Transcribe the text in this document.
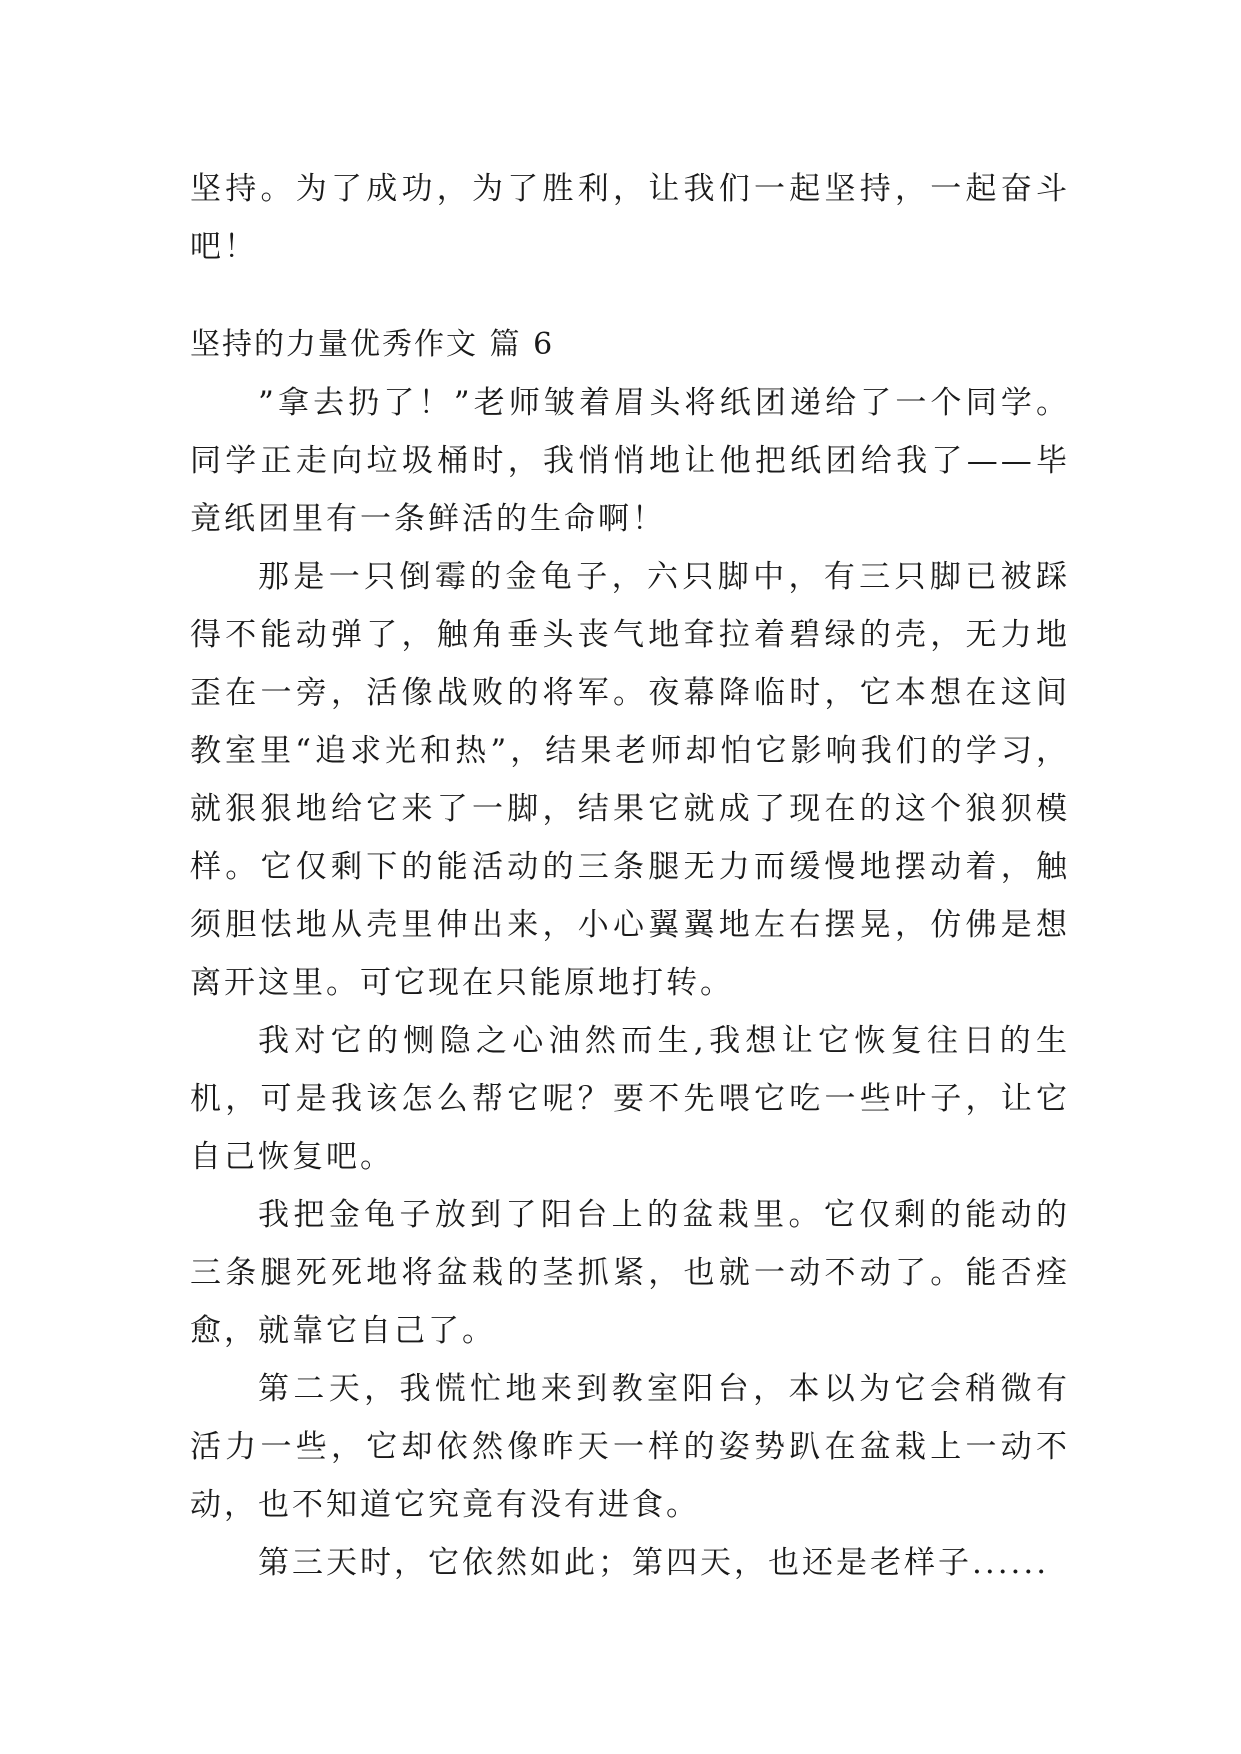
坚持。为了成功，为了胜利，让我们一起坚持，一起奋斗吧！

坚持的力量优秀作文 篇 6

”拿去扔了！”老师皱着眉头将纸团递给了一个同学。同学正走向垃圾桶时，我悄悄地让他把纸团给我了——毕竟纸团里有一条鲜活的生命啊！

那是一只倒霉的金龟子，六只脚中，有三只脚已被踩得不能动弹了，触角垂头丧气地耷拉着碧绿的壳，无力地歪在一旁，活像战败的将军。夜幕降临时，它本想在这间教室里“追求光和热”，结果老师却怕它影响我们的学习，就狠狠地给它来了一脚，结果它就成了现在的这个狼狈模样。它仅剩下的能活动的三条腿无力而缓慢地摆动着，触须胆怯地从壳里伸出来，小心翼翼地左右摆晃，仿佛是想离开这里。可它现在只能原地打转。

我对它的恻隐之心油然而生,我想让它恢复往日的生机，可是我该怎么帮它呢？要不先喂它吃一些叶子，让它自己恢复吧。

我把金龟子放到了阳台上的盆栽里。它仅剩的能动的三条腿死死地将盆栽的茎抓紧，也就一动不动了。能否痊愈，就靠它自己了。

第二天，我慌忙地来到教室阳台，本以为它会稍微有活力一些，它却依然像昨天一样的姿势趴在盆栽上一动不动，也不知道它究竟有没有进食。

第三天时，它依然如此；第四天，也还是老样子......
